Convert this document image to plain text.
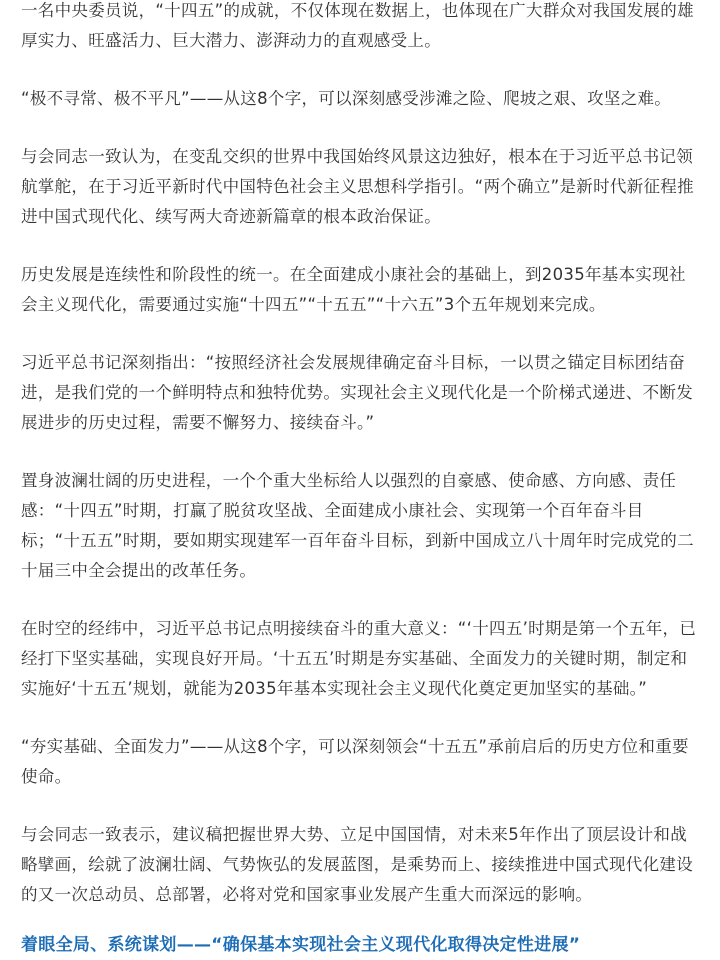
一名中央委员说，“十四五”的成就，不仅体现在数据上，也体现在广大群众对我国发展的雄厚实力、旺盛活力、巨大潜力、澎湃动力的直观感受上。

“极不寻常、极不平凡”——从这8个字，可以深刻感受涉滩之险、爬坡之艰、攻坚之难。

与会同志一致认为，在变乱交织的世界中我国始终风景这边独好，根本在于习近平总书记领航掌舵，在于习近平新时代中国特色社会主义思想科学指引。“两个确立”是新时代新征程推进中国式现代化、续写两大奇迹新篇章的根本政治保证。

历史发展是连续性和阶段性的统一。在全面建成小康社会的基础上，到2035年基本实现社会主义现代化，需要通过实施“十四五”“十五五”“十六五”3个五年规划来完成。

习近平总书记深刻指出：“按照经济社会发展规律确定奋斗目标，一以贯之锚定目标团结奋进，是我们党的一个鲜明特点和独特优势。实现社会主义现代化是一个阶梯式递进、不断发展进步的历史过程，需要不懈努力、接续奋斗。”

置身波澜壮阔的历史进程，一个个重大坐标给人以强烈的自豪感、使命感、方向感、责任感：“十四五”时期，打赢了脱贫攻坚战、全面建成小康社会、实现第一个百年奋斗目标；“十五五”时期，要如期实现建军一百年奋斗目标，到新中国成立八十周年时完成党的二十届三中全会提出的改革任务。

在时空的经纬中，习近平总书记点明接续奋斗的重大意义：“‘十四五’时期是第一个五年，已经打下坚实基础，实现良好开局。‘十五五’时期是夯实基础、全面发力的关键时期，制定和实施好‘十五五’规划，就能为2035年基本实现社会主义现代化奠定更加坚实的基础。”

“夯实基础、全面发力”——从这8个字，可以深刻领会“十五五”承前启后的历史方位和重要使命。

与会同志一致表示，建议稿把握世界大势、立足中国国情，对未来5年作出了顶层设计和战略擘画，绘就了波澜壮阔、气势恢弘的发展蓝图，是乘势而上、接续推进中国式现代化建设的又一次总动员、总部署，必将对党和国家事业发展产生重大而深远的影响。

着眼全局、系统谋划——“确保基本实现社会主义现代化取得决定性进展”
